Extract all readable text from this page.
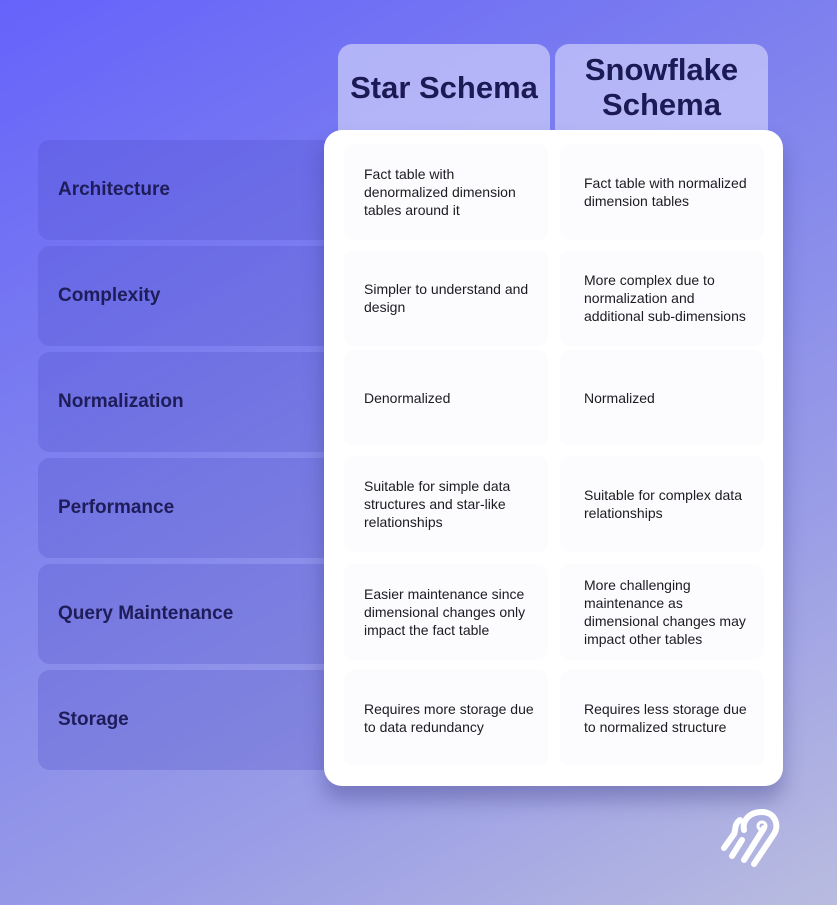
Star Schema	Snowflake Schema
Architecture
Complexity
Normalization
Performance
Query Maintenance
Storage
Fact table with denormalized dimension tables around it
Fact table with normalized dimension tables
Simpler to understand and design
More complex due to normalization and additional sub-dimensions
Denormalized	Normalized
Suitable for simple data structures and star-like relationships
Suitable for complex data relationships
Easier maintenance since dimensional changes only impact the fact table
More challenging maintenance as dimensional changes may impact other tables
Requires more storage due to data redundancy
Requires less storage due to normalized structure
